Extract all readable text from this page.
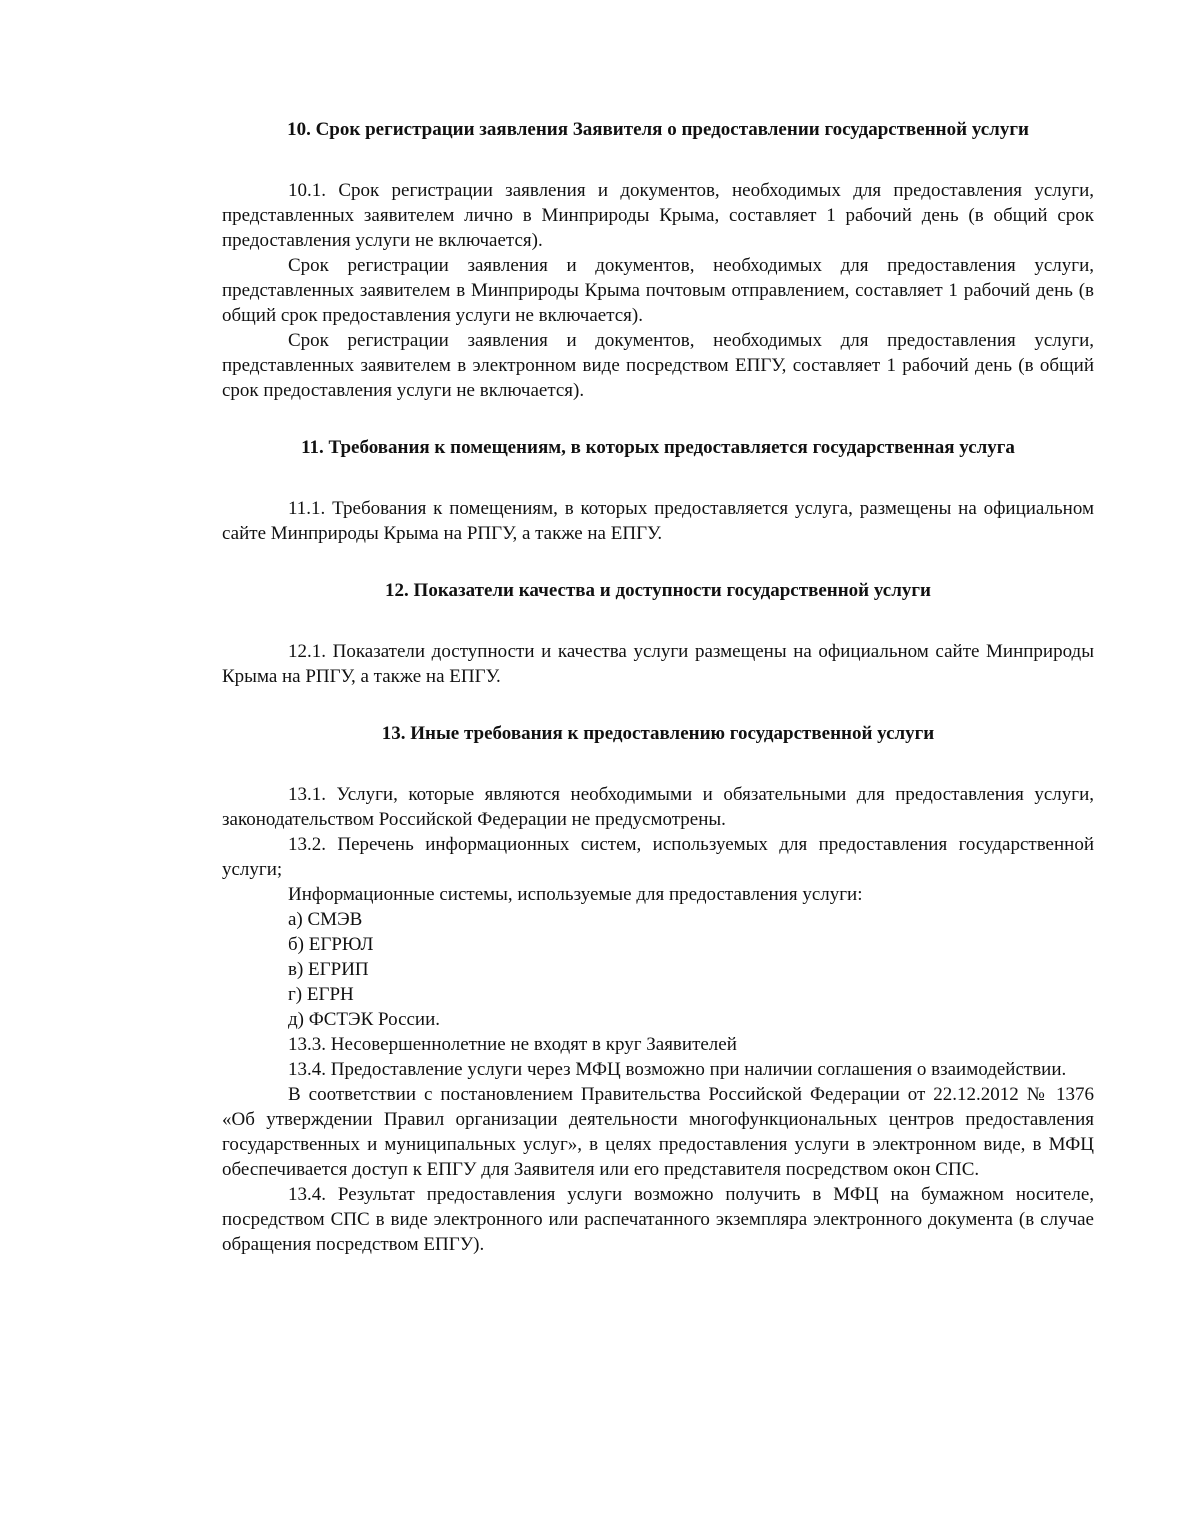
10. Срок регистрации заявления Заявителя о предоставлении государственной услуги

10.1. Срок регистрации заявления и документов, необходимых для предоставления услуги, представленных заявителем лично в Минприроды Крыма, составляет 1 рабочий день (в общий срок предоставления услуги не включается).

Срок регистрации заявления и документов, необходимых для предоставления услуги, представленных заявителем в Минприроды Крыма почтовым отправлением, составляет 1 рабочий день (в общий срок предоставления услуги не включается).

Срок регистрации заявления и документов, необходимых для предоставления услуги, представленных заявителем в электронном виде посредством ЕПГУ, составляет 1 рабочий день (в общий срок предоставления услуги не включается).

11. Требования к помещениям, в которых предоставляется государственная услуга

11.1. Требования к помещениям, в которых предоставляется услуга, размещены на официальном сайте Минприроды Крыма на РПГУ, а также на ЕПГУ.

12. Показатели качества и доступности государственной услуги

12.1. Показатели доступности и качества услуги размещены на официальном сайте Минприроды Крыма на РПГУ, а также на ЕПГУ.

13. Иные требования к предоставлению государственной услуги

13.1. Услуги, которые являются необходимыми и обязательными для предоставления услуги, законодательством Российской Федерации не предусмотрены.

13.2. Перечень информационных систем, используемых для предоставления государственной услуги;

Информационные системы, используемые для предоставления услуги:

а) СМЭВ

б) ЕГРЮЛ

в) ЕГРИП

г) ЕГРН

д) ФСТЭК России.

13.3. Несовершеннолетние не входят в круг Заявителей

13.4. Предоставление услуги через МФЦ возможно при наличии соглашения о взаимодействии.

В соответствии с постановлением Правительства Российской Федерации от 22.12.2012 № 1376 «Об утверждении Правил организации деятельности многофункциональных центров предоставления государственных и муниципальных услуг», в целях предоставления услуги в электронном виде, в МФЦ обеспечивается доступ к ЕПГУ для Заявителя или его представителя посредством окон СПС.

13.4. Результат предоставления услуги возможно получить в МФЦ на бумажном носителе, посредством СПС в виде электронного или распечатанного экземпляра электронного документа (в случае обращения посредством ЕПГУ).
